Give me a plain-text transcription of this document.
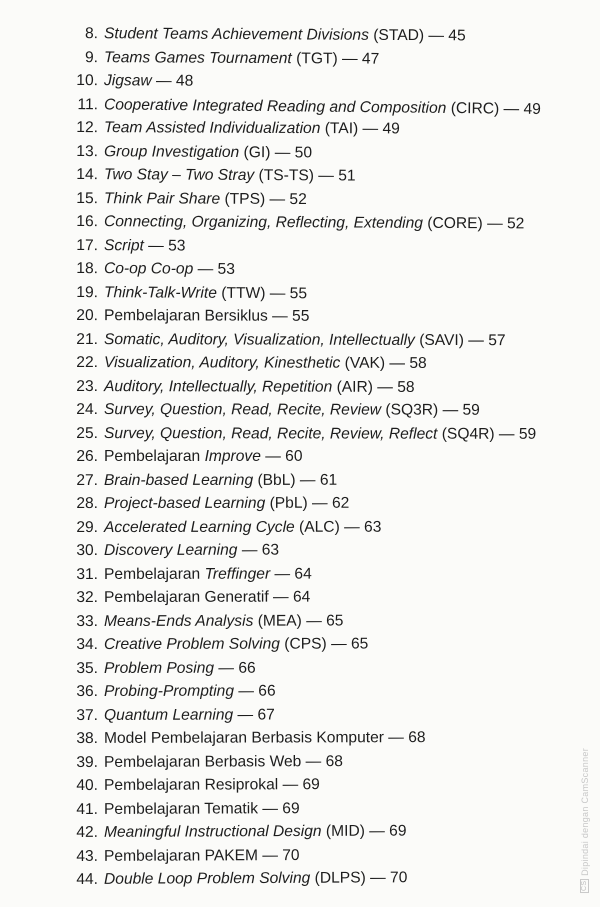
8. Student Teams Achievement Divisions (STAD) — 45
9. Teams Games Tournament (TGT) — 47
10. Jigsaw — 48
11. Cooperative Integrated Reading and Composition (CIRC) — 49
12. Team Assisted Individualization (TAI) — 49
13. Group Investigation (GI) — 50
14. Two Stay – Two Stray (TS-TS) — 51
15. Think Pair Share (TPS) — 52
16. Connecting, Organizing, Reflecting, Extending (CORE) — 52
17. Script — 53
18. Co-op Co-op — 53
19. Think-Talk-Write (TTW) — 55
20. Pembelajaran Bersiklus — 55
21. Somatic, Auditory, Visualization, Intellectually (SAVI) — 57
22. Visualization, Auditory, Kinesthetic (VAK) — 58
23. Auditory, Intellectually, Repetition (AIR) — 58
24. Survey, Question, Read, Recite, Review (SQ3R) — 59
25. Survey, Question, Read, Recite, Review, Reflect (SQ4R) — 59
26. Pembelajaran Improve — 60
27. Brain-based Learning (BbL) — 61
28. Project-based Learning (PbL) — 62
29. Accelerated Learning Cycle (ALC) — 63
30. Discovery Learning — 63
31. Pembelajaran Treffinger — 64
32. Pembelajaran Generatif — 64
33. Means-Ends Analysis (MEA) — 65
34. Creative Problem Solving (CPS) — 65
35. Problem Posing — 66
36. Probing-Prompting — 66
37. Quantum Learning — 67
38. Model Pembelajaran Berbasis Komputer — 68
39. Pembelajaran Berbasis Web — 68
40. Pembelajaran Resiprokal — 69
41. Pembelajaran Tematik — 69
42. Meaningful Instructional Design (MID) — 69
43. Pembelajaran PAKEM — 70
44. Double Loop Problem Solving (DLPS) — 70	CS Dipindai dengan CamScanner
